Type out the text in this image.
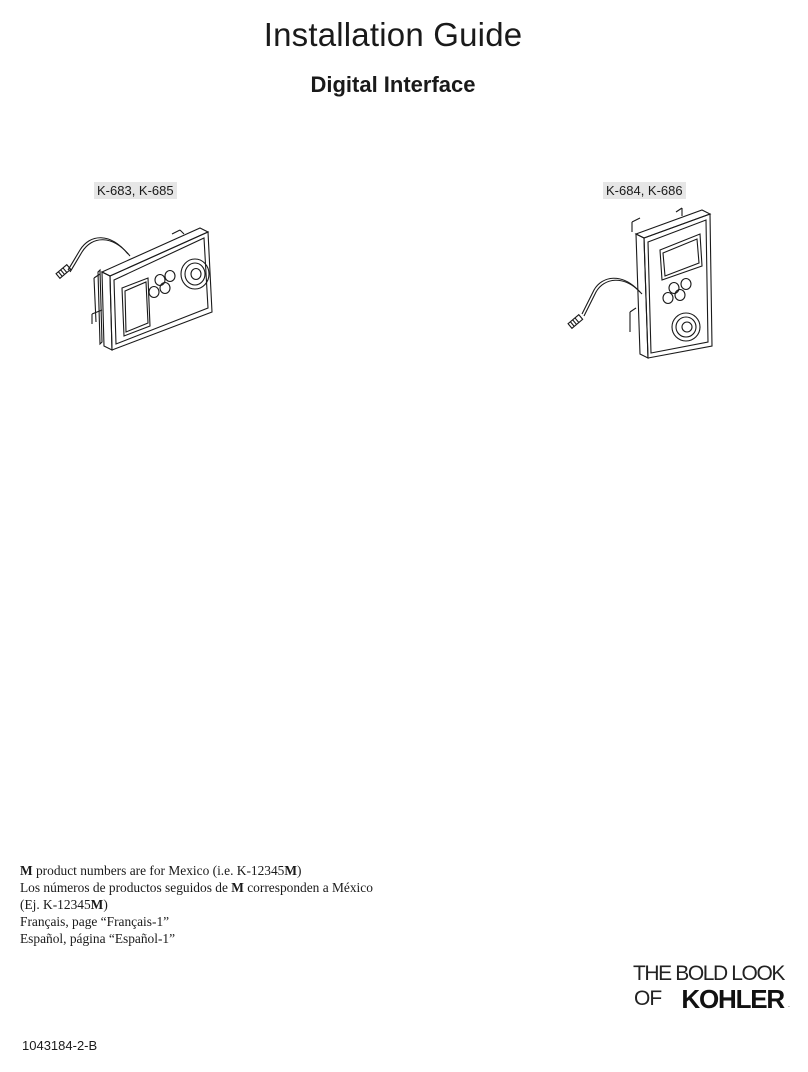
Installation Guide
Digital Interface
K-683, K-685	K-684, K-686

M product numbers are for Mexico (i.e. K-12345M)

Los números de productos seguidos de M corresponden a México

(Ej. K-12345M)

Français, page “Français-1”

Español, página “Español-1”

THE BOLD LOOK
OF KOHLER .
1043184-2-B
